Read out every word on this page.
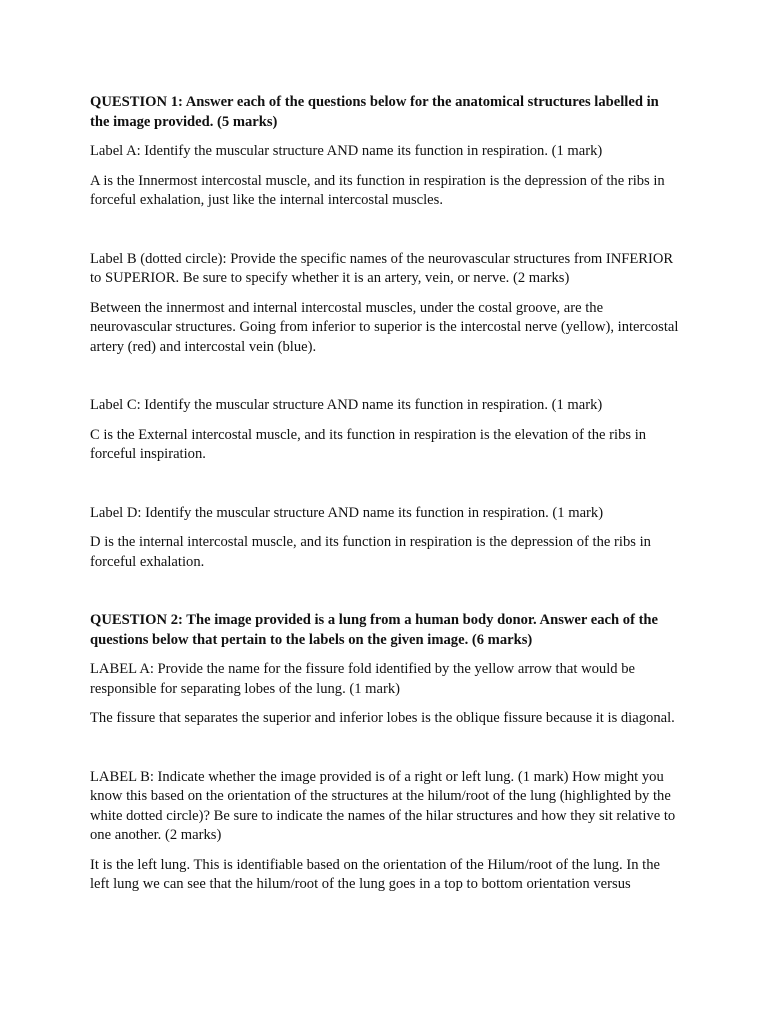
QUESTION 1: Answer each of the questions below for the anatomical structures labelled in the image provided. (5 marks)

Label A: Identify the muscular structure AND name its function in respiration. (1 mark)

A is the Innermost intercostal muscle, and its function in respiration is the depression of the ribs in forceful exhalation, just like the internal intercostal muscles.

Label B (dotted circle): Provide the specific names of the neurovascular structures from INFERIOR to SUPERIOR. Be sure to specify whether it is an artery, vein, or nerve. (2 marks)

Between the innermost and internal intercostal muscles, under the costal groove, are the neurovascular structures. Going from inferior to superior is the intercostal nerve (yellow), intercostal artery (red) and intercostal vein (blue).

Label C: Identify the muscular structure AND name its function in respiration. (1 mark)

C is the External intercostal muscle, and its function in respiration is the elevation of the ribs in forceful inspiration.

Label D: Identify the muscular structure AND name its function in respiration. (1 mark)

D is the internal intercostal muscle, and its function in respiration is the depression of the ribs in forceful exhalation.

QUESTION 2: The image provided is a lung from a human body donor. Answer each of the questions below that pertain to the labels on the given image. (6 marks)

LABEL A: Provide the name for the fissure fold identified by the yellow arrow that would be responsible for separating lobes of the lung. (1 mark)

The fissure that separates the superior and inferior lobes is the oblique fissure because it is diagonal.

LABEL B: Indicate whether the image provided is of a right or left lung. (1 mark) How might you know this based on the orientation of the structures at the hilum/root of the lung (highlighted by the white dotted circle)? Be sure to indicate the names of the hilar structures and how they sit relative to one another. (2 marks)

It is the left lung. This is identifiable based on the orientation of the Hilum/root of the lung. In the left lung we can see that the hilum/root of the lung goes in a top to bottom orientation versus
